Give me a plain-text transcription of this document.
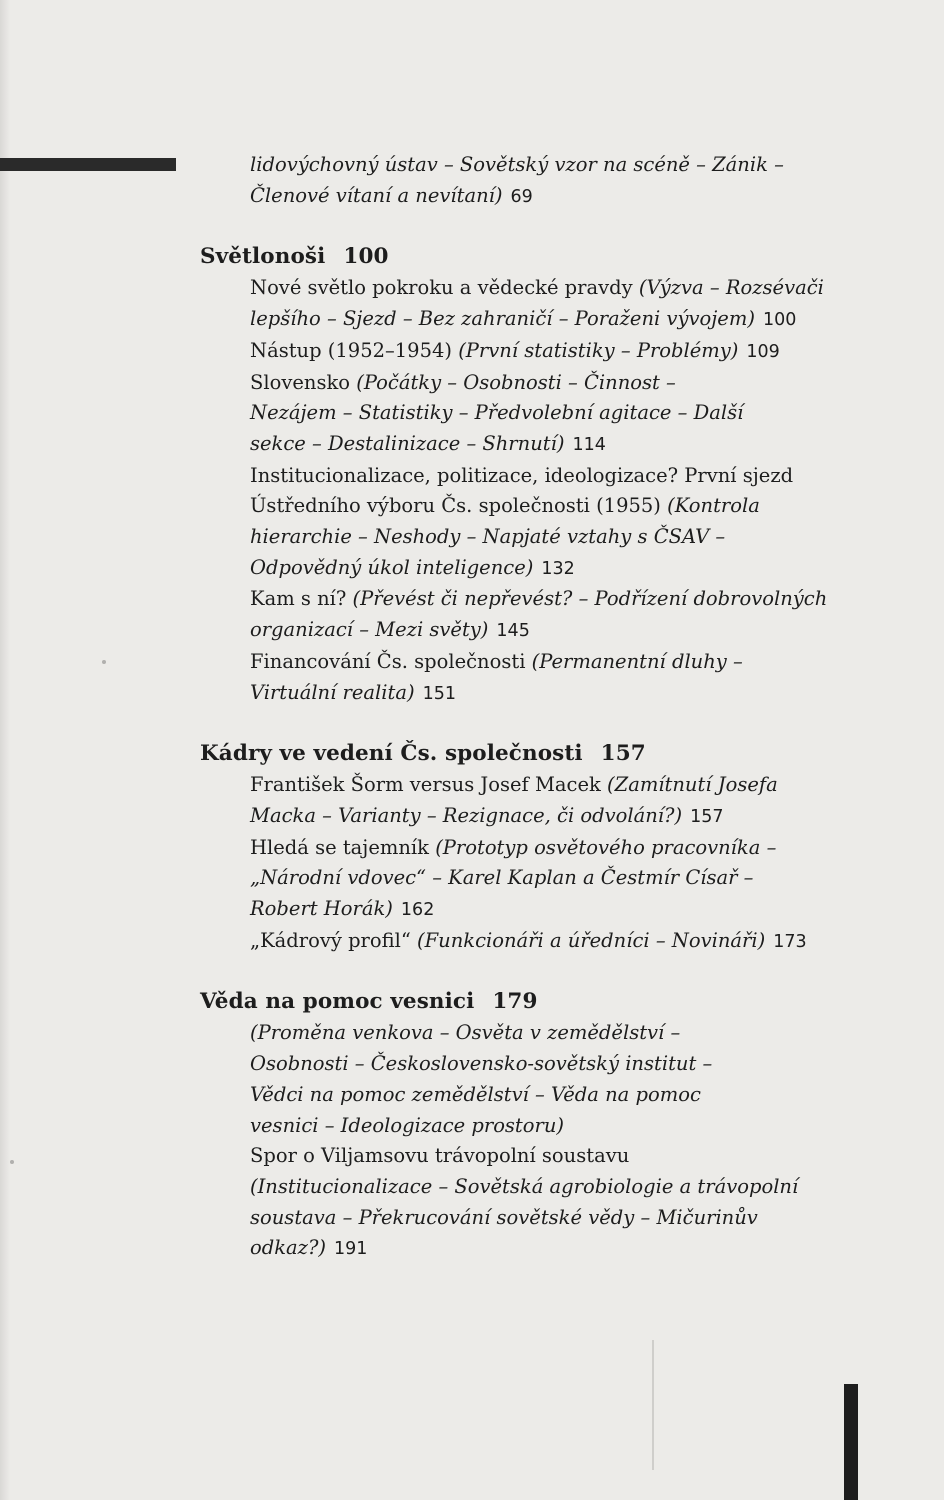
lidovýchovný ústav – Sovětský vzor na scéně – Zánik –
Členové vítaní a nevítaní) 69
Světlonoši 100
Nové světlo pokroku a vědecké pravdy (Výzva – Rozsévači
lepšího – Sjezd – Bez zahraničí – Poraženi vývojem) 100
Nástup (1952–1954) (První statistiky – Problémy) 109
Slovensko (Počátky – Osobnosti – Činnost –
Nezájem – Statistiky – Předvolební agitace – Další
sekce – Destalinizace – Shrnutí) 114
Institucionalizace, politizace, ideologizace? První sjezd
Ústředního výboru Čs. společnosti (1955) (Kontrola
hierarchie – Neshody – Napjaté vztahy s ČSAV –
Odpovědný úkol inteligence) 132
Kam s ní? (Převést či nepřevést? – Podřízení dobrovolných
organizací – Mezi světy) 145
Financování Čs. společnosti (Permanentní dluhy –
Virtuální realita) 151
Kádry ve vedení Čs. společnosti 157
František Šorm versus Josef Macek (Zamítnutí Josefa
Macka – Varianty – Rezignace, či odvolání?) 157
Hledá se tajemník (Prototyp osvětového pracovníka –
„Národní vdovec“ – Karel Kaplan a Čestmír Císař –
Robert Horák) 162
„Kádrový profil“ (Funkcionáři a úředníci – Novináři) 173
Věda na pomoc vesnici 179
(Proměna venkova – Osvěta v zemědělství –
Osobnosti – Československo-sovětský institut –
Vědci na pomoc zemědělství – Věda na pomoc
vesnici – Ideologizace prostoru)
Spor o Viljamsovu trávopolní soustavu
(Institucionalizace – Sovětská agrobiologie a trávopolní
soustava – Překrucování sovětské vědy – Mičurinův
odkaz?) 191
